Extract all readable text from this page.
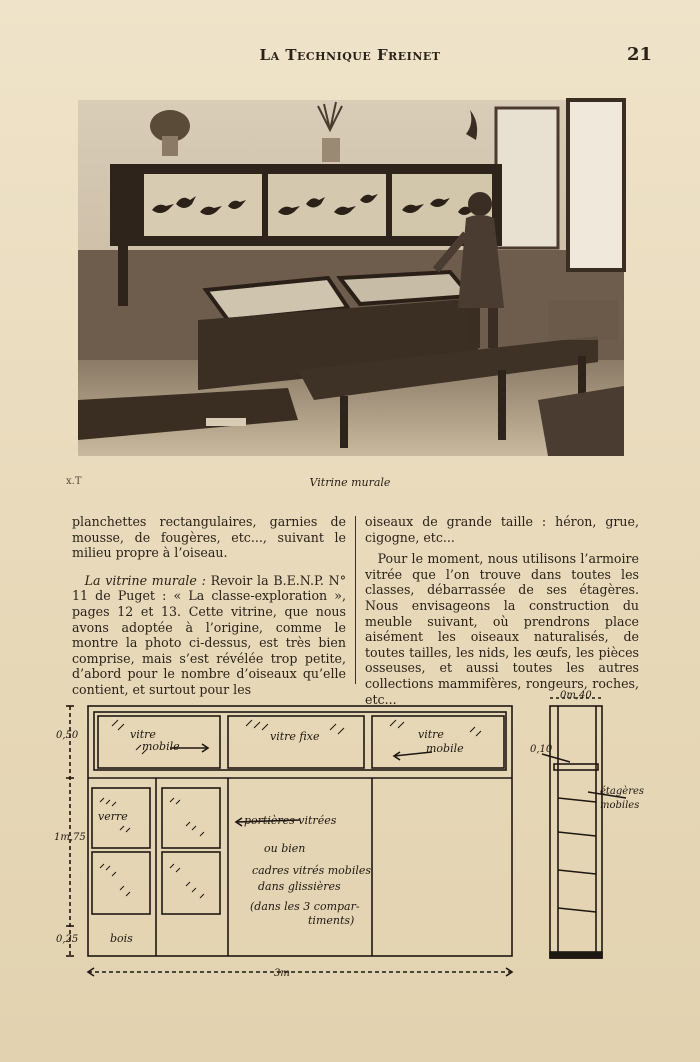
La Technique Freinet	21
x.T	Vitrine murale

planchettes rectangulaires, garnies de mousse, de fougères, etc..., suivant le milieu propre à l’oiseau.

 La vitrine murale : Revoir la B.E.N.P. N° 11 de Puget : « La classe-exploration », pages 12 et 13. Cette vitrine, que nous avons adoptée à l’origine, comme le montre la photo ci-dessus, est très bien comprise, mais s’est révélée trop petite, d’abord pour le nombre d’oiseaux qu’elle contient, et surtout pour les

oiseaux de grande taille : héron, grue, cigogne, etc...

 Pour le moment, nous utilisons l’armoire vitrée que l’on trouve dans toutes les classes, débarrassée de ses étagères. Nous envisageons la construction du meuble suivant, où prendrons place aisément les oiseaux naturalisés, de toutes tailles, les nids, les œufs, les pièces osseuses, et aussi toutes les autres collections mammifères, rongeurs, roches, etc...

vitre
mobile
vitre fixe	vitre
mobile
verre
bois
portières vitrées
ou bien
cadres vitrés mobiles
dans glissières
(dans les 3 compar-
timents)
0,50
1m,75
0,25
3m
0m,40
0,10
étagères
mobiles
